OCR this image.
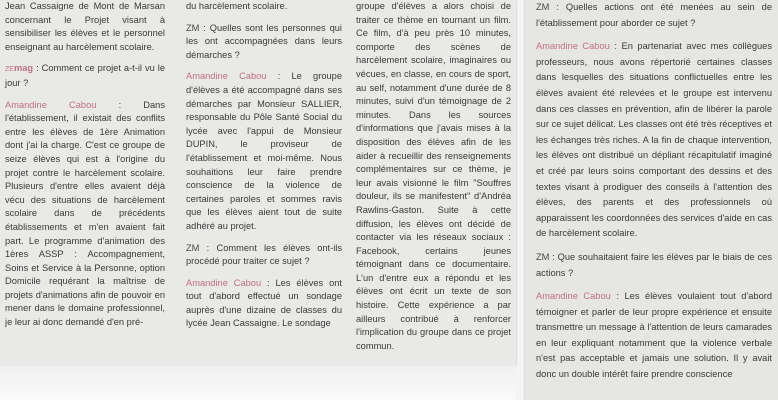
Jean Cassaigne de Mont de Marsan concernant le Projet visant à sensibiliser les élèves et le personnel enseignant au harcèlement scolaire.

ZEmag : Comment ce projet a-t-il vu le jour ?

Amandine Cabou : Dans l'établissement, il existait des conflits entre les élèves de 1ère Animation dont j'ai la charge. C'est ce groupe de seize élèves qui est à l'origine du projet contre le harcèlement scolaire. Plusieurs d'entre elles avaient déjà vécu des situations de harcèlement scolaire dans de précédents établissements et m'en avaient fait part. Le programme d'animation des 1ères ASSP : Accompagnement, Soins et Service à la Personne, option Domicile requérant la maîtrise de projets d'animations afin de pouvoir en mener dans le domaine professionnel, je leur ai donc demandé d'en pré-

du harcèlement scolaire.

ZM : Quelles sont les personnes qui les ont accompagnées dans leurs démarches ?

Amandine Cabou : Le groupe d'élèves a été accompagné dans ses démarches par Monsieur SALLIER, responsable du Pôle Santé Social du lycée avec l'appui de Monsieur DUPIN, le proviseur de l'établissement et moi-même. Nous souhaitions leur faire prendre conscience de la violence de certaines paroles et sommes ravis que les élèves aient tout de suite adhéré au projet.

ZM : Comment les élèves ont-ils procédé pour traiter ce sujet ?

Amandine Cabou : Les élèves ont tout d'abord effectué un sondage auprès d'une dizaine de classes du lycée Jean Cassaigne. Le sondage

groupe d'élèves a alors choisi de traiter ce thème en tournant un film. Ce film, d'à peu près 10 minutes, comporte des scènes de harcèlement scolaire, imaginaires ou vécues, en classe, en cours de sport, au self, notamment d'une durée de 8 minutes, suivi d'un témoignage de 2 minutes. Dans les sources d'informations que j'avais mises à la disposition des élèves afin de les aider à recueillir des renseignements complémentaires sur ce thème, je leur avais visionné le film "Souffres douleur, ils se manifestent" d'Andréa Rawlins-Gaston. Suite à cette diffusion, les élèves ont décidé de contacter via les réseaux sociaux : Facebook, certains jeunes témoignant dans ce documentaire. L'un d'entre eux a répondu et les élèves ont écrit un texte de son histoire. Cette expérience a par ailleurs contribué à renforcer l'implication du groupe dans ce projet commun.

ZM : Quelles actions ont été menées au sein de l'établissement pour aborder ce sujet ?

Amandine Cabou : En partenariat avec mes collègues professeurs, nous avons répertorié certaines classes dans lesquelles des situations conflictuelles entre les élèves avaient été relevées et le groupe est intervenu dans ces classes en prévention, afin de libérer la parole sur ce sujet délicat. Les classes ont été très réceptives et les échanges très riches. A la fin de chaque intervention, les élèves ont distribué un dépliant récapitulatif imaginé et créé par leurs soins comportant des dessins et des textes visant à prodiguer des conseils à l'attention des élèves, des parents et des professionnels où apparaissent les coordonnées des services d'aide en cas de harcèlement scolaire.

ZM : Que souhaitaient faire les élèves par le biais de ces actions ?

Amandine Cabou : Les élèves voulaient tout d'abord témoigner et parler de leur propre expérience et ensuite transmettre un message à l'attention de leurs camarades en leur expliquant notamment que la violence verbale n'est pas acceptable et jamais une solution. Il y avait donc un double intérêt faire prendre conscience
